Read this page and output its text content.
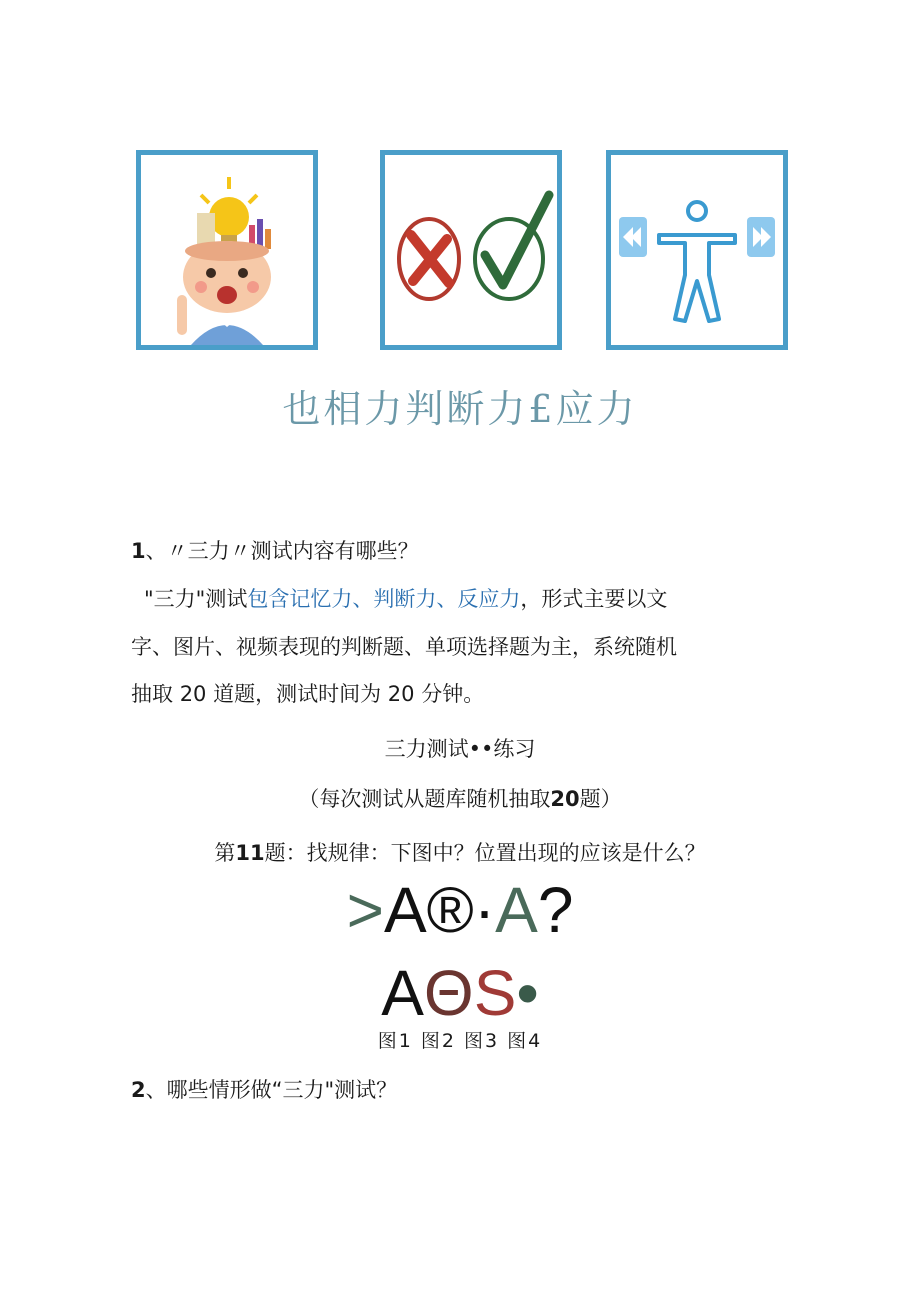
也相力判断力£应力
1、〃三力〃测试内容有哪些？
"三力"测试包含记忆力、判断力、反应力，形式主要以文
字、图片、视频表现的判断题、单项选择题为主，系统随机
抽取 20 道题，测试时间为 20 分钟。
三力测试••练习
（每次测试从题库随机抽取20题）
第11题：找规律：下图中？位置出现的应该是什么？
>A®·A?
AΘS•
图1 图2 图3 图4
2、哪些情形做“三力"测试？
